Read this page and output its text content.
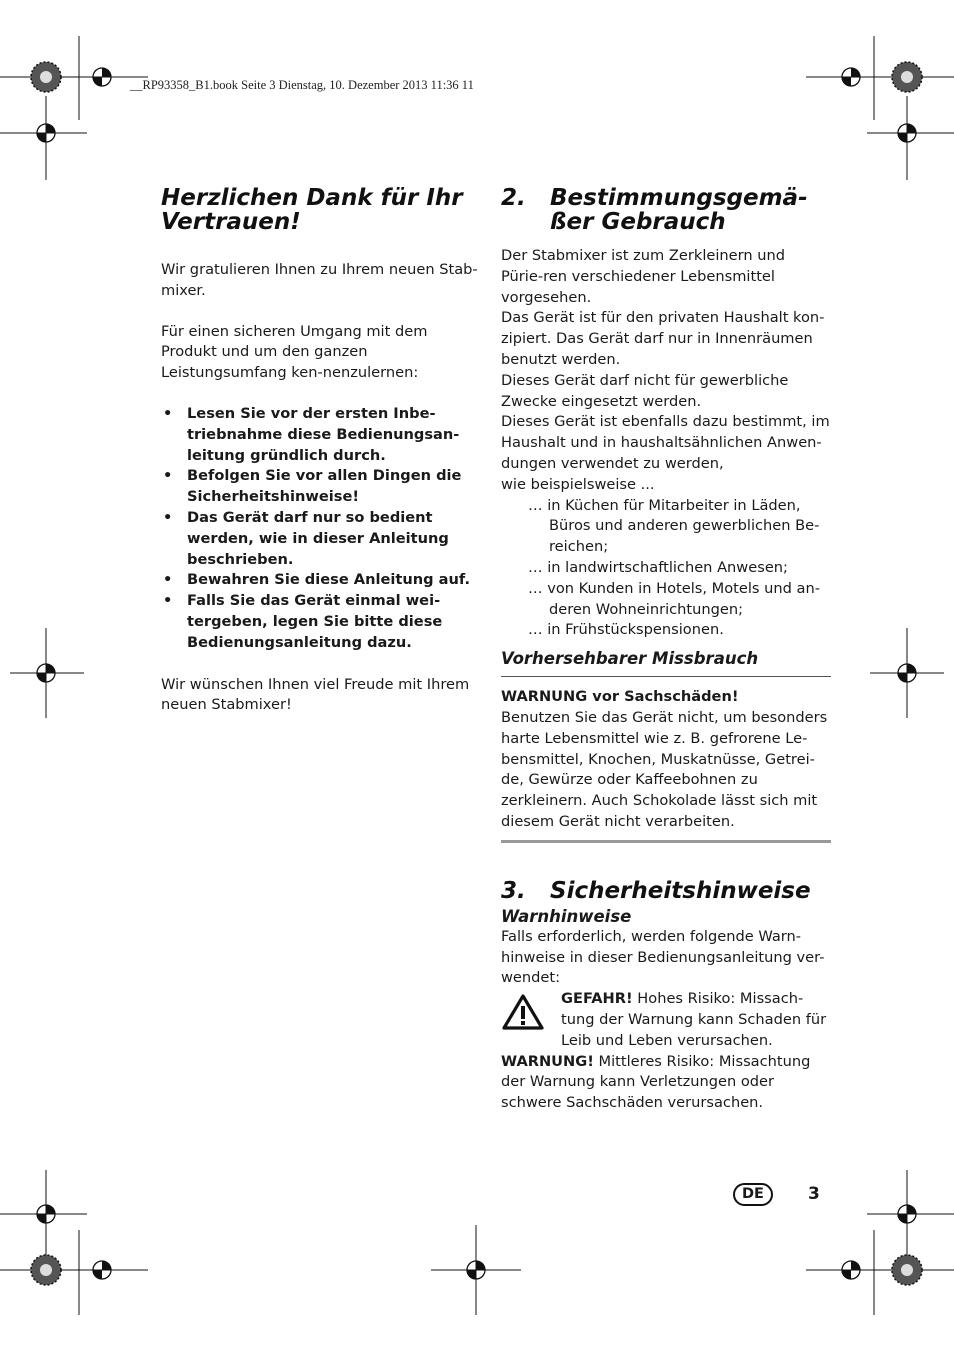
__RP93358_B1.book Seite 3 Dienstag, 10. Dezember 2013 11:36 11
Herzlichen Dank für Ihr Vertrauen!

Wir gratulieren Ihnen zu Ihrem neuen Stab-mixer.

Für einen sicheren Umgang mit dem Produkt und um den ganzen Leistungsumfang ken-nenzulernen:

• Lesen Sie vor der ersten Inbe-triebnahme diese Bedienungsan-leitung gründlich durch.
• Befolgen Sie vor allen Dingen die Sicherheitshinweise!
• Das Gerät darf nur so bedient werden, wie in dieser Anleitung beschrieben.
• Bewahren Sie diese Anleitung auf.
• Falls Sie das Gerät einmal wei-tergeben, legen Sie bitte diese Bedienungsanleitung dazu.

Wir wünschen Ihnen viel Freude mit Ihrem neuen Stabmixer!

2. Bestimmungsgemä-
ßer Gebrauch

Der Stabmixer ist zum Zerkleinern und Pürie-ren verschiedener Lebensmittel vorgesehen.

Das Gerät ist für den privaten Haushalt kon-zipiert. Das Gerät darf nur in Innenräumen benutzt werden.

Dieses Gerät darf nicht für gewerbliche Zwecke eingesetzt werden.

Dieses Gerät ist ebenfalls dazu bestimmt, im Haushalt und in haushaltsähnlichen Anwen-dungen verwendet zu werden,

wie beispielsweise ...

… in Küchen für Mitarbeiter in Läden, Büros und anderen gewerblichen Be-reichen;

… in landwirtschaftlichen Anwesen;

… von Kunden in Hotels, Motels und an-deren Wohneinrichtungen;

… in Frühstückspensionen.

Vorhersehbarer Missbrauch

WARNUNG vor Sachschäden!

Benutzen Sie das Gerät nicht, um besonders harte Lebensmittel wie z. B. gefrorene Le-bensmittel, Knochen, Muskatnüsse, Getrei-de, Gewürze oder Kaffeebohnen zu zerkleinern. Auch Schokolade lässt sich mit diesem Gerät nicht verarbeiten.

3. Sicherheitshinweise
Warnhinweise

Falls erforderlich, werden folgende Warn-hinweise in dieser Bedienungsanleitung ver-wendet:

GEFAHR! Hohes Risiko: Missach-tung der Warnung kann Schaden für Leib und Leben verursachen.

WARNUNG! Mittleres Risiko: Missachtung der Warnung kann Verletzungen oder schwere Sachschäden verursachen.

DE	3
